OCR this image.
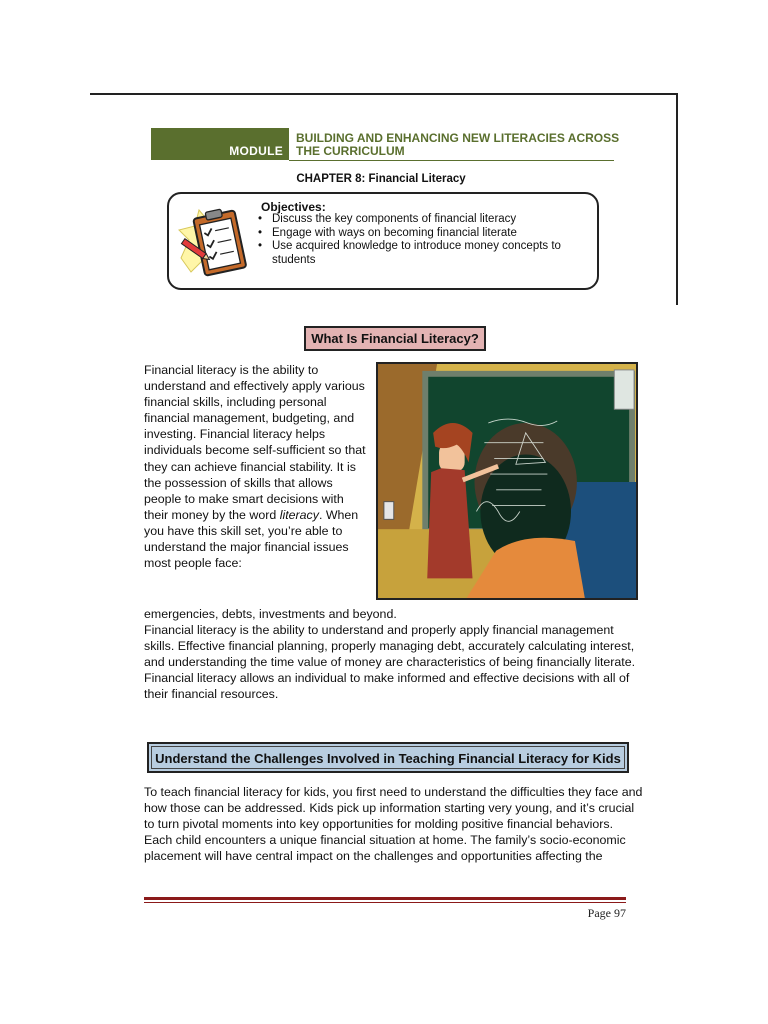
MODULE
BUILDING AND ENHANCING NEW LITERACIES ACROSS THE CURRICULUM
CHAPTER 8: Financial Literacy
Objectives:
• Discuss the key components of financial literacy
• Engage with ways on becoming financial literate
• Use acquired knowledge to introduce money concepts to students
What Is Financial Literacy?
Financial literacy is the ability to understand and effectively apply various financial skills, including personal financial management, budgeting, and investing. Financial literacy helps individuals become self-sufficient so that they can achieve financial stability. It is the possession of skills that allows people to make smart decisions with their money by the word literacy. When you have this skill set, you’re able to understand the major financial issues most people face:
emergencies, debts, investments and beyond.
Financial literacy is the ability to understand and properly apply financial management skills. Effective financial planning, properly managing debt, accurately calculating interest, and understanding the time value of money are characteristics of being financially literate.
Financial literacy allows an individual to make informed and effective decisions with all of their financial resources.
Understand the Challenges Involved in Teaching Financial Literacy for Kids
To teach financial literacy for kids, you first need to understand the difficulties they face and how those can be addressed. Kids pick up information starting very young, and it’s crucial to turn pivotal moments into key opportunities for molding positive financial behaviors.
Each child encounters a unique financial situation at home. The family’s socio-economic placement will have central impact on the challenges and opportunities affecting the
Page 97
